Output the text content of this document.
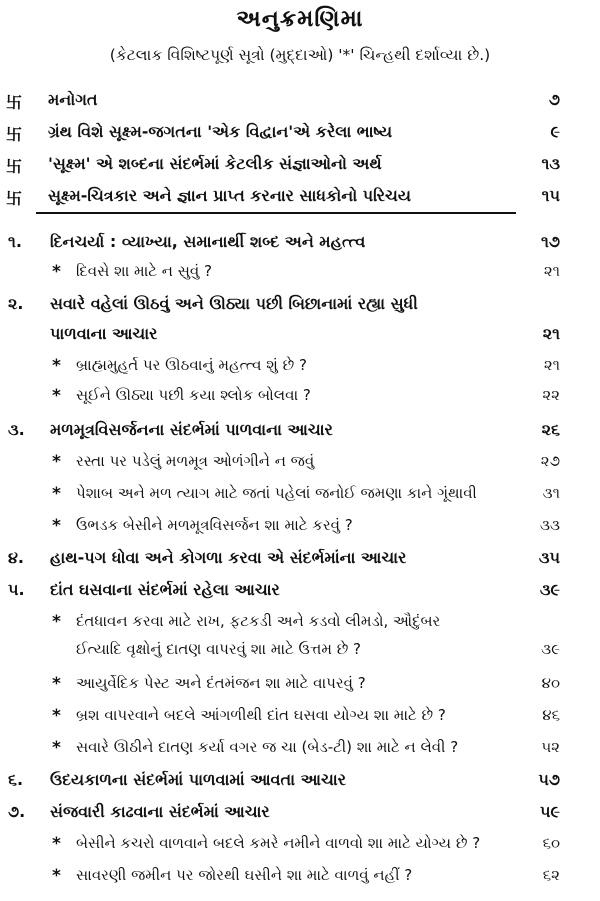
અનુક્રમણિમા
(કેટલાક વિશિષ્ટપૂર્ણ સૂત્રો (મુદ્દાઓ) '*' ચિન્હથી દર્શાવ્યા છે.)
卐 મનોગત	૭
卐 ગ્રંથ વિશે સૂક્ષ્મ-જગતના 'એક વિદ્વાન'એ કરેલા ભાષ્ય	૯
卐 'સૂક્ષ્મ' એ શબ્દના સંદર્ભમાં કેટલીક સંજ્ઞાઓનો અર્થ	૧૩
卐 સૂક્ષ્મ-ચિત્રકાર અને જ્ઞાન પ્રાપ્ત કરનાર સાધકોનો પરિચય	૧૫
૧.	દિનચર્યા : વ્યાખ્યા, સમાનાર્થી શબ્દ અને મહત્ત્વ	૧૭
* દિવસે શા માટે ન સુવું ?	૨૧
૨.	સવારે વહેલાં ઊઠવું અને ઊઠ્યા પછી બિછાનામાં રહ્યા સુધી
પાળવાના આચાર	૨૧
* બ્રાહ્મમુહૂર્ત પર ઊઠવાનું મહત્ત્વ શું છે ?	૨૧
* સૂઈને ઊઠ્યા પછી કયા શ્લોક બોલવા ?	૨૨
૩.	મળમૂત્રવિસર્જનના સંદર્ભમાં પાળવાના આચાર	૨૬
* રસ્તા પર પડેલું મળમૂત્ર ઓળંગીને ન જવું	૨૭
* પેશાબ અને મળ ત્યાગ માટે જતાં પહેલાં જનોઈ જમણા કાને ગૂંથાવી	૩૧
* ઉભડક બેસીને મળમૂત્રવિસર્જન શા માટે કરવું ?	૩૩
૪.	હાથ-પગ ધોવા અને કોગળા કરવા એ સંદર્ભમાંના આચાર	૩૫
૫.	દાંત ઘસવાના સંદર્ભમાં રહેલા આચાર	૩૯
* દંતધાવન કરવા માટે રાખ, ફટકડી અને કડવો લીમડો, ઔદુંબર
ઈત્યાદિ વૃક્ષોનું દાતણ વાપરવું શા માટે ઉત્તમ છે ?	૩૯
* આયુર્વેદિક પેસ્ટ અને દંતમંજન શા માટે વાપરવું ?	૪૦
* બ્રશ વાપરવાને બદલે આંગળીથી દાંત ઘસવા યોગ્ય શા માટે છે ?	૪૬
* સવારે ઊઠીને દાતણ કર્યા વગર જ ચા (બેડ-ટી) શા માટે ન લેવી ?	૫૨
૬.	ઉદયકાળના સંદર્ભમાં પાળવામાં આવતા આચાર	૫૭
૭.	સંજવારી કાઢવાના સંદર્ભમાં આચાર	૫૯
* બેસીને કચરો વાળવાને બદલે કમરે નમીને વાળવો શા માટે યોગ્ય છે ?	૬૦
* સાવરણી જમીન પર જોરથી ઘસીને શા માટે વાળવું નહીં ?	૬૨
